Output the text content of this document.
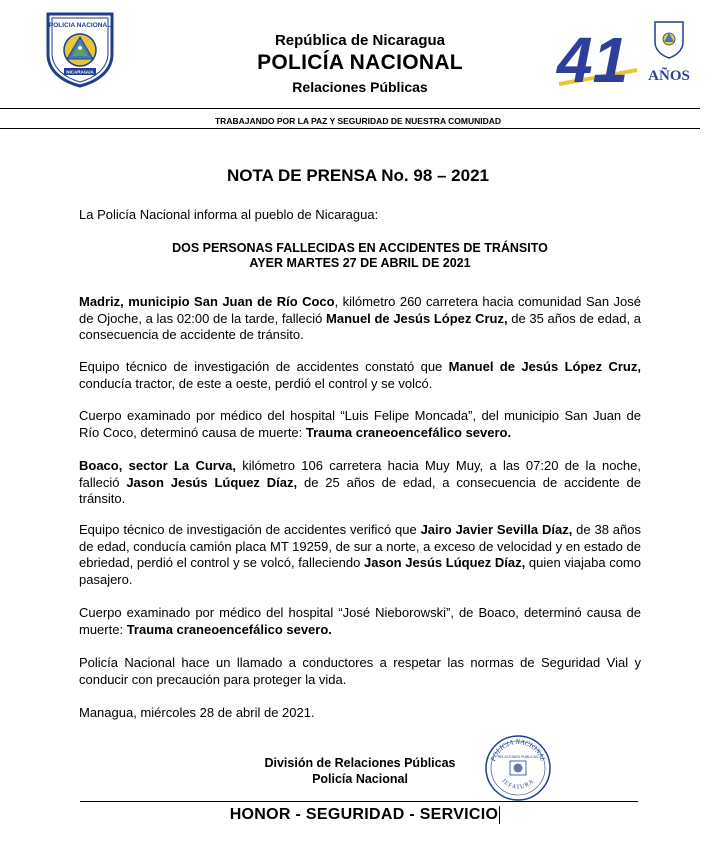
POLICIA NACIONAL
NICARAGUA
República de Nicaragua
POLICÍA NACIONAL
Relaciones Públicas	41 AÑOS
TRABAJANDO POR LA PAZ Y SEGURIDAD DE NUESTRA COMUNIDAD
NOTA DE PRENSA No. 98 – 2021
La Policía Nacional informa al pueblo de Nicaragua:
DOS PERSONAS FALLECIDAS EN ACCIDENTES DE TRÁNSITO
AYER MARTES 27 DE ABRIL DE 2021
Madriz, municipio San Juan de Río Coco, kilómetro 260 carretera hacia comunidad San José de Ojoche, a las 02:00 de la tarde, falleció Manuel de Jesús López Cruz, de 35 años de edad, a consecuencia de accidente de tránsito.
Equipo técnico de investigación de accidentes constató que Manuel de Jesús López Cruz, conducía tractor, de este a oeste, perdió el control y se volcó.
Cuerpo examinado por médico del hospital “Luis Felipe Moncada”, del municipio San Juan de Río Coco, determinó causa de muerte: Trauma craneoencefálico severo.
Boaco, sector La Curva, kilómetro 106 carretera hacia Muy Muy, a las 07:20 de la noche, falleció Jason Jesús Lúquez Díaz, de 25 años de edad, a consecuencia de accidente de tránsito.
Equipo técnico de investigación de accidentes verificó que Jairo Javier Sevilla Díaz, de 38 años de edad, conducía camión placa MT 19259, de sur a norte, a exceso de velocidad y en estado de ebriedad, perdió el control y se volcó, falleciendo Jason Jesús Lúquez Díaz, quien viajaba como pasajero.
Cuerpo examinado por médico del hospital “José Nieborowski”, de Boaco, determinó causa de muerte: Trauma craneoencefálico severo.
Policía Nacional hace un llamado a conductores a respetar las normas de Seguridad Vial y conducir con precaución para proteger la vida.
Managua, miércoles 28 de abril de 2021.
División de Relaciones Públicas
Policía Nacional
POLICIA NACIONAL
RELACIONES PUBLICAS
JEFATURA
HONOR - SEGURIDAD - SERVICIO
